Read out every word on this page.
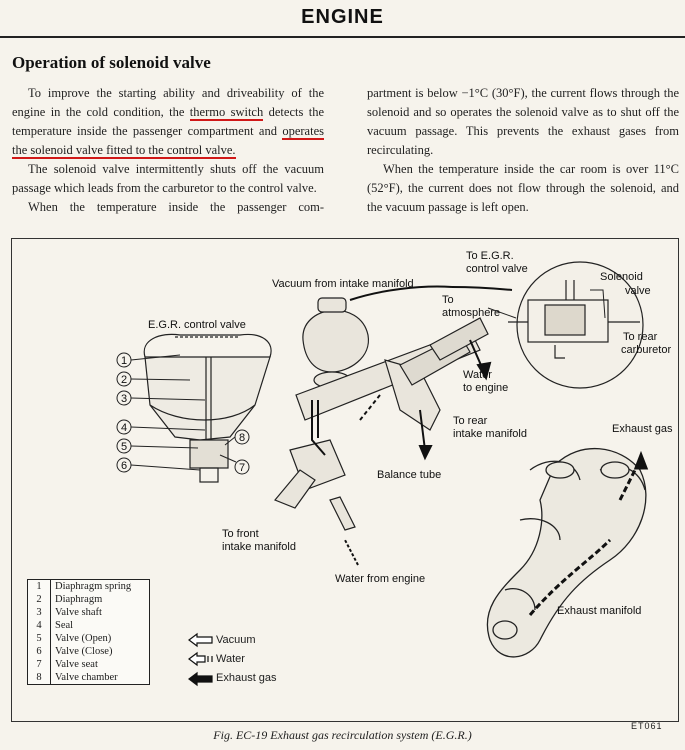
ENGINE
Operation of solenoid valve

To improve the starting ability and driveability of the engine in the cold condition, the thermo switch detects the temperature inside the passenger compartment and operates the solenoid valve fitted to the control valve.

The solenoid valve intermittently shuts off the vacuum passage which leads from the carburetor to the control valve.

When the temperature inside the passenger com-

partment is below −1°C (30°F), the current flows through the solenoid and so operates the solenoid valve as to shut off the vacuum passage. This prevents the exhaust gases from recirculating.

When the temperature inside the car room is over 11°C (52°F), the current does not flow through the solenoid, and the vacuum passage is left open.

1
2
3
4
5
6	7
8
To E.G.R.
control valve
Vacuum from intake manifold
Solenoid
valve
To
atmosphere
To rear
carburetor
E.G.R. control valve
Water
to engine
To rear
intake manifold	Exhaust gas
Balance tube
To front
intake manifold
Water from engine
Exhaust manifold
1	Diaphragm spring
2	Diaphragm
3	Valve shaft
4	Seal
5	Valve (Open)
6	Valve (Close)
7	Valve seat
8	Valve chamber
Vacuum
Water
Exhaust gas
ET061
Fig. EC-19 Exhaust gas recirculation system (E.G.R.)
